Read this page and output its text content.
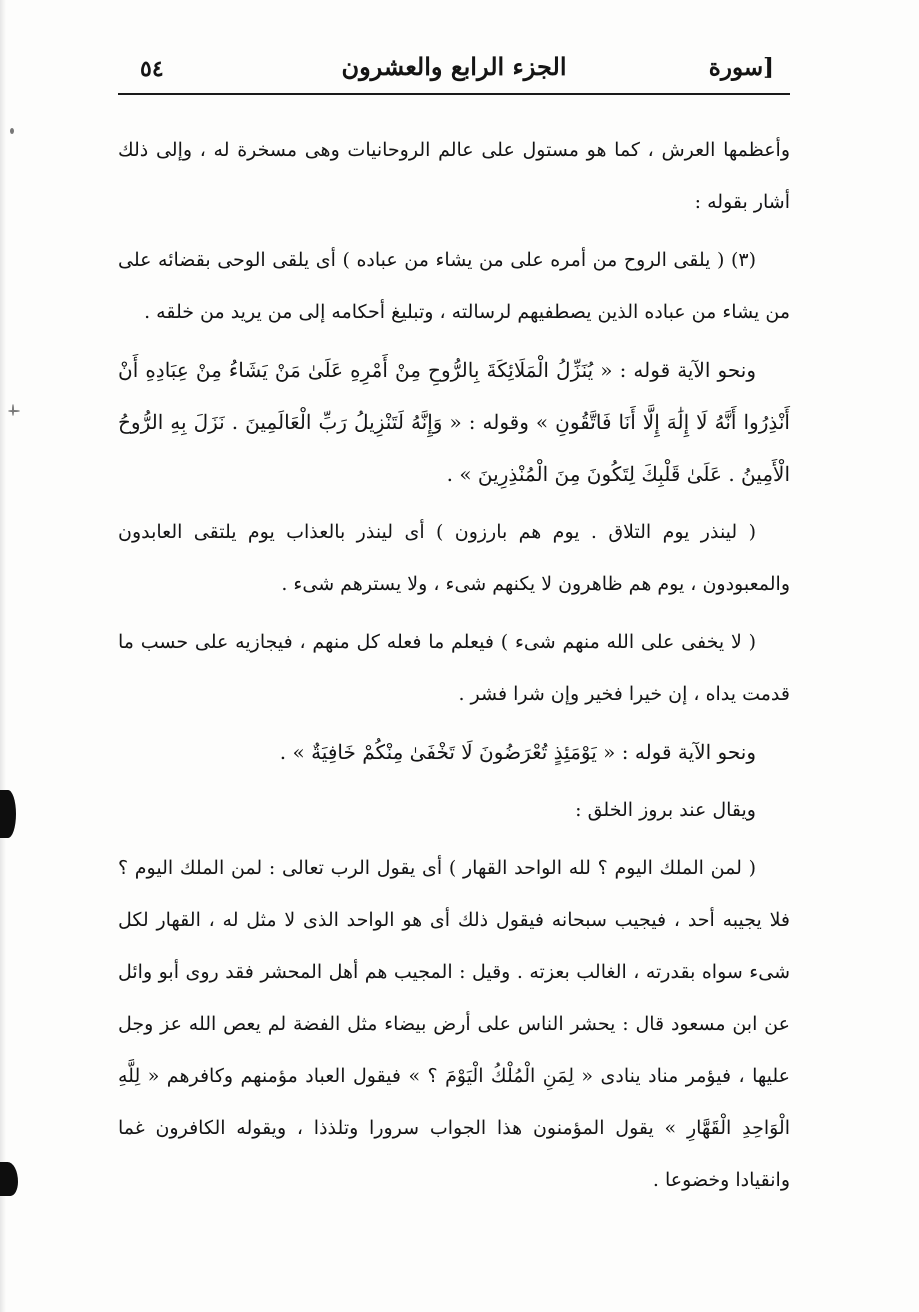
٥٤	الجزء الرابع والعشرون	[سورة

وأعظمها العرش ، كما هو مستول على عالم الروحانيات وهى مسخرة له ، وإلى ذلك أشار بقوله :

(٣) ( يلقى الروح من أمره على من يشاء من عباده ) أى يلقى الوحى بقضائه على من يشاء من عباده الذين يصطفيهم لرسالته ، وتبليغ أحكامه إلى من يريد من خلقه .

ونحو الآية قوله : « يُنَزِّلُ الْمَلَائِكَةَ بِالرُّوحِ مِنْ أَمْرِهِ عَلَىٰ مَنْ يَشَاءُ مِنْ عِبَادِهِ أَنْ أَنْذِرُوا أَنَّهُ لَا إِلَٰهَ إِلَّا أَنَا فَاتَّقُونِ » وقوله : « وَإِنَّهُ لَتَنْزِيلُ رَبِّ الْعَالَمِينَ . نَزَلَ بِهِ الرُّوحُ الْأَمِينُ . عَلَىٰ قَلْبِكَ لِتَكُونَ مِنَ الْمُنْذِرِينَ » .

( لينذر يوم التلاق . يوم هم بارزون ) أى لينذر بالعذاب يوم يلتقى العابدون والمعبودون ، يوم هم ظاهرون لا يكنهم شىء ، ولا يسترهم شىء .

( لا يخفى على الله منهم شىء ) فيعلم ما فعله كل منهم ، فيجازيه على حسب ما قدمت يداه ، إن خيرا فخير وإن شرا فشر .

ونحو الآية قوله : « يَوْمَئِذٍ تُعْرَضُونَ لَا تَخْفَىٰ مِنْكُمْ خَافِيَةٌ » .

ويقال عند بروز الخلق :

( لمن الملك اليوم ؟ لله الواحد القهار ) أى يقول الرب تعالى : لمن الملك اليوم ؟ فلا يجيبه أحد ، فيجيب سبحانه فيقول ذلك أى هو الواحد الذى لا مثل له ، القهار لكل شىء سواه بقدرته ، الغالب بعزته . وقيل : المجيب هم أهل المحشر فقد روى أبو وائل عن ابن مسعود قال : يحشر الناس على أرض بيضاء مثل الفضة لم يعص الله عز وجل عليها ، فيؤمر مناد ينادى « لِمَنِ الْمُلْكُ الْيَوْمَ ؟ » فيقول العباد مؤمنهم وكافرهم « لِلَّهِ الْوَاحِدِ الْقَهَّارِ » يقول المؤمنون هذا الجواب سرورا وتلذذا ، ويقوله الكافرون غما وانقيادا وخضوعا .
